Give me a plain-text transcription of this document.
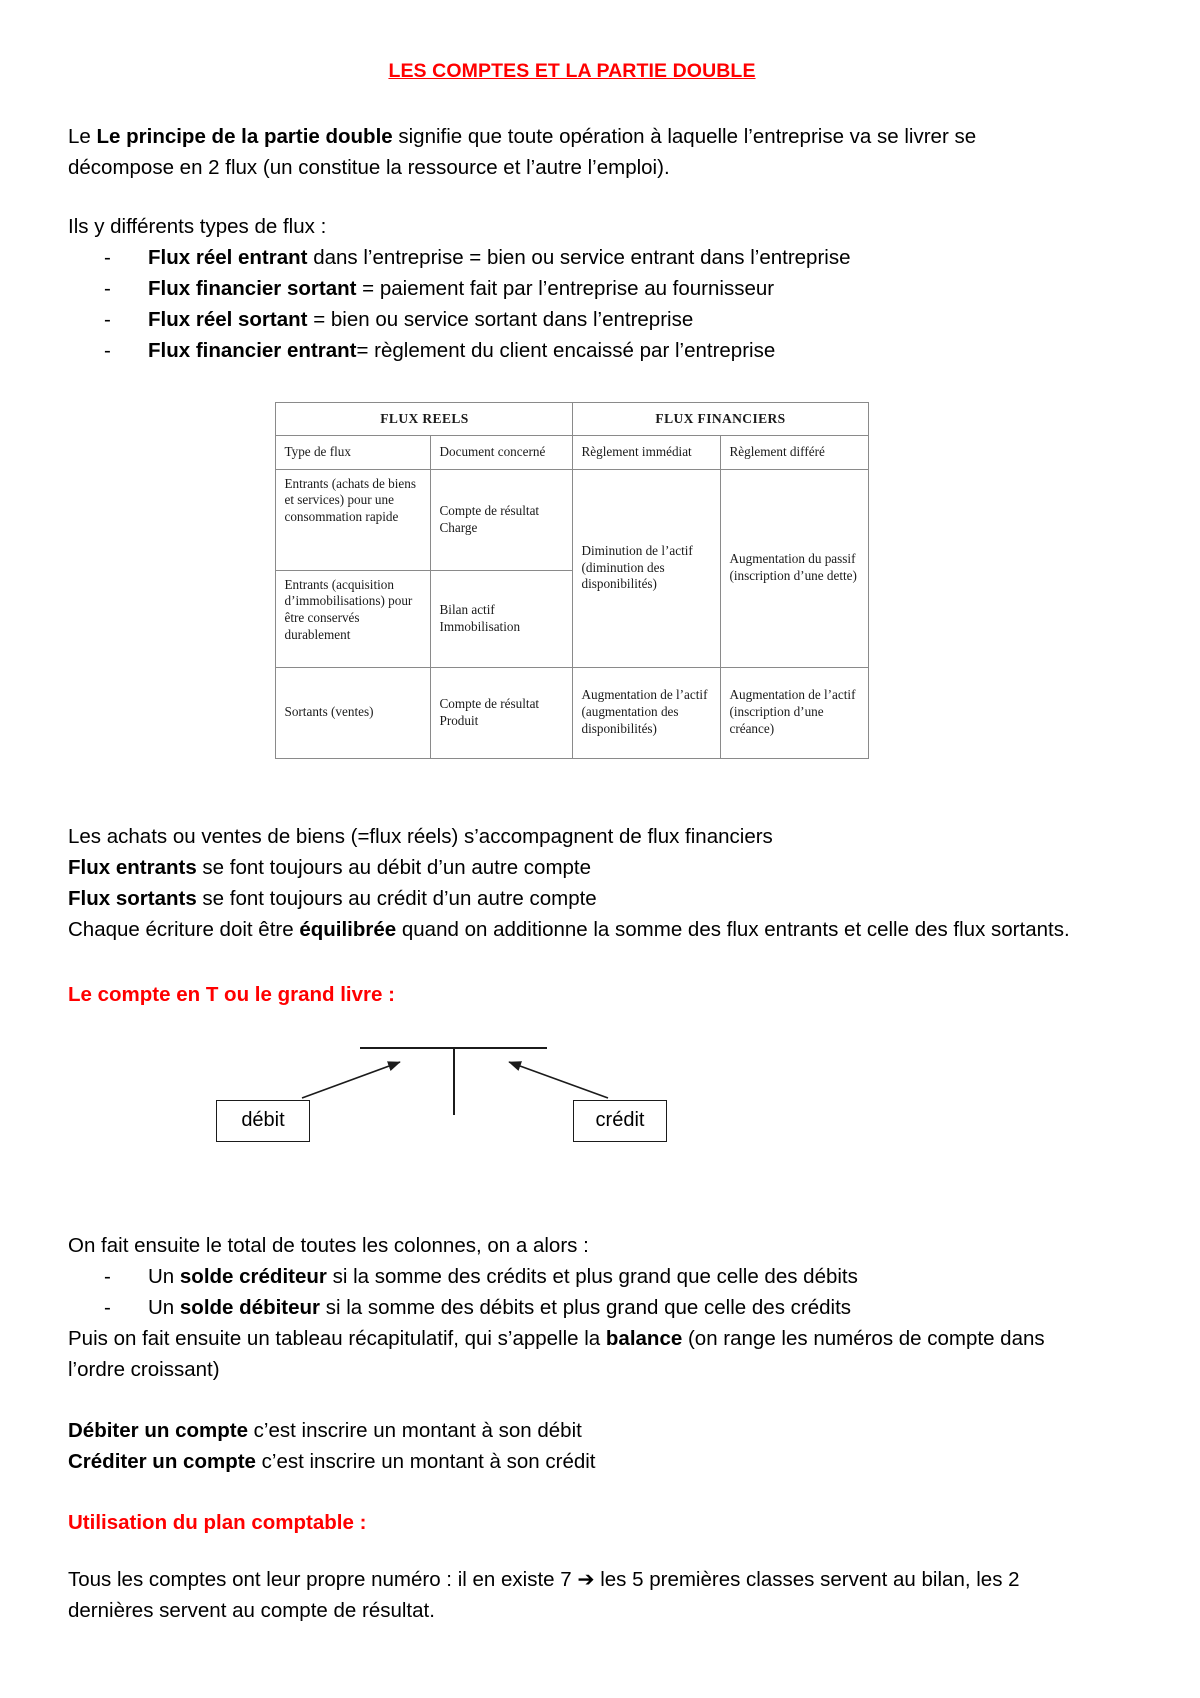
LES COMPTES ET LA PARTIE DOUBLE

Le Le principe de la partie double signifie que toute opération à laquelle l’entreprise va se livrer se décompose en 2 flux (un constitue la ressource et l’autre l’emploi).

Ils y différents types de flux :

- Flux réel entrant dans l’entreprise = bien ou service entrant dans l’entreprise
- Flux financier sortant = paiement fait par l’entreprise au fournisseur
- Flux réel sortant = bien ou service sortant dans l’entreprise
- Flux financier entrant= règlement du client encaissé par l’entreprise
FLUX REELS		FLUX FINANCIERS	
Type de flux	Document concerné	Règlement immédiat	Règlement différé
Entrants (achats de biens et services) pour une consommation rapide	Compte de résultat Charge	Diminution de l’actif (diminution des disponibilités)	Augmentation du passif (inscription d’une dette)
Entrants (acquisition d’immobilisations) pour être conservés durablement	Bilan actif Immobilisation		
Sortants (ventes)	Compte de résultat Produit	Augmentation de l’actif (augmentation des disponibilités)	Augmentation de l’actif (inscription d’une créance)

Les achats ou ventes de biens (=flux réels) s’accompagnent de flux financiers

Flux entrants se font toujours au débit d’un autre compte

Flux sortants se font toujours au crédit d’un autre compte

Chaque écriture doit être équilibrée quand on additionne la somme des flux entrants et celle des flux sortants.

Le compte en T ou le grand livre :

débit	crédit

On fait ensuite le total de toutes les colonnes, on a alors :

- Un solde créditeur si la somme des crédits et plus grand que celle des débits
- Un solde débiteur si la somme des débits et plus grand que celle des crédits

Puis on fait ensuite un tableau récapitulatif, qui s’appelle la balance (on range les numéros de compte dans l’ordre croissant)

Débiter un compte c’est inscrire un montant à son débit

Créditer un compte c’est inscrire un montant à son crédit

Utilisation du plan comptable :

Tous les comptes ont leur propre numéro : il en existe 7 ➔ les 5 premières classes servent au bilan, les 2 dernières servent au compte de résultat.
